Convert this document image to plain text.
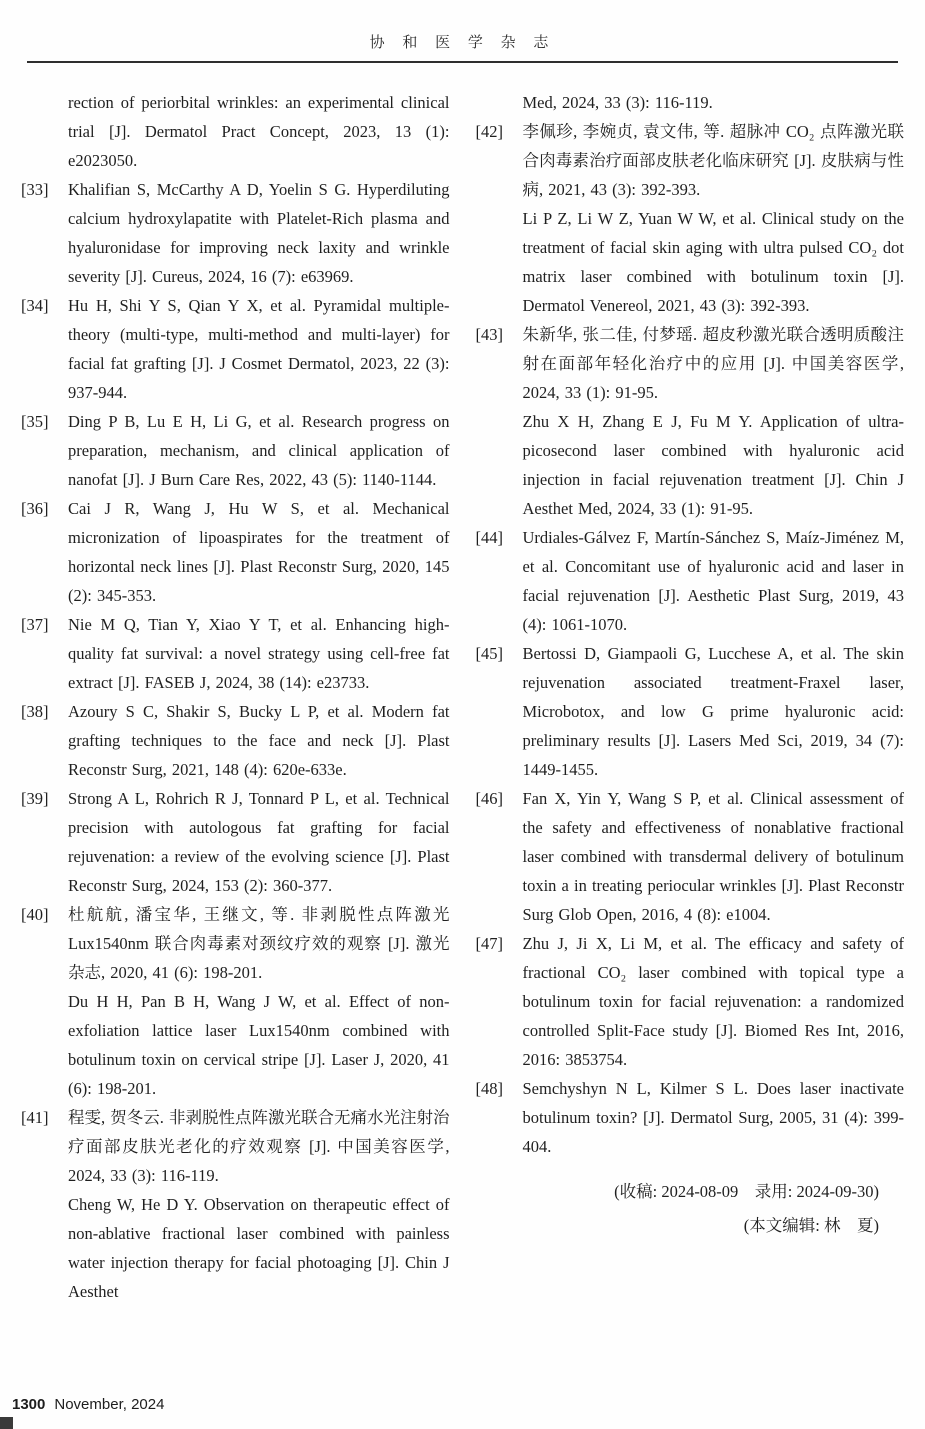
协 和 医 学 杂 志

rection of periorbital wrinkles: an experimental clinical trial [J]. Dermatol Pract Concept, 2023, 13 (1): e2023050.

[33]	Khalifian S, McCarthy A D, Yoelin S G. Hyperdiluting calcium hydroxylapatite with Platelet-Rich plasma and hyaluronidase for improving neck laxity and wrinkle severity [J]. Cureus, 2024, 16 (7): e63969.

[34]	Hu H, Shi Y S, Qian Y X, et al. Pyramidal multiple-theory (multi-type, multi-method and multi-layer) for facial fat grafting [J]. J Cosmet Dermatol, 2023, 22 (3): 937-944.

[35]	Ding P B, Lu E H, Li G, et al. Research progress on preparation, mechanism, and clinical application of nanofat [J]. J Burn Care Res, 2022, 43 (5): 1140-1144.

[36]	Cai J R, Wang J, Hu W S, et al. Mechanical micronization of lipoaspirates for the treatment of horizontal neck lines [J]. Plast Reconstr Surg, 2020, 145 (2): 345-353.

[37]	Nie M Q, Tian Y, Xiao Y T, et al. Enhancing high-quality fat survival: a novel strategy using cell-free fat extract [J]. FASEB J, 2024, 38 (14): e23733.

[38]	Azoury S C, Shakir S, Bucky L P, et al. Modern fat grafting techniques to the face and neck [J]. Plast Reconstr Surg, 2021, 148 (4): 620e-633e.

[39]	Strong A L, Rohrich R J, Tonnard P L, et al. Technical precision with autologous fat grafting for facial rejuvenation: a review of the evolving science [J]. Plast Reconstr Surg, 2024, 153 (2): 360-377.

[40]	杜航航, 潘宝华, 王继文, 等. 非剥脱性点阵激光 Lux1540nm 联合肉毒素对颈纹疗效的观察 [J]. 激光杂志, 2020, 41 (6): 198-201.

Du H H, Pan B H, Wang J W, et al. Effect of non-exfoliation lattice laser Lux1540nm combined with botulinum toxin on cervical stripe [J]. Laser J, 2020, 41 (6): 198-201.

[41]	程雯, 贺冬云. 非剥脱性点阵激光联合无痛水光注射治疗面部皮肤光老化的疗效观察 [J]. 中国美容医学, 2024, 33 (3): 116-119.

Cheng W, He D Y. Observation on therapeutic effect of non-ablative fractional laser combined with painless water injection therapy for facial photoaging [J]. Chin J Aesthet

Med, 2024, 33 (3): 116-119.

[42]	李佩珍, 李婉贞, 袁文伟, 等. 超脉冲 CO₂ 点阵激光联合肉毒素治疗面部皮肤老化临床研究 [J]. 皮肤病与性病, 2021, 43 (3): 392-393.

Li P Z, Li W Z, Yuan W W, et al. Clinical study on the treatment of facial skin aging with ultra pulsed CO₂ dot matrix laser combined with botulinum toxin [J]. Dermatol Venereol, 2021, 43 (3): 392-393.

[43]	朱新华, 张二佳, 付梦瑶. 超皮秒激光联合透明质酸注射在面部年轻化治疗中的应用 [J]. 中国美容医学, 2024, 33 (1): 91-95.

Zhu X H, Zhang E J, Fu M Y. Application of ultra-picosecond laser combined with hyaluronic acid injection in facial rejuvenation treatment [J]. Chin J Aesthet Med, 2024, 33 (1): 91-95.

[44]	Urdiales-Gálvez F, Martín-Sánchez S, Maíz-Jiménez M, et al. Concomitant use of hyaluronic acid and laser in facial rejuvenation [J]. Aesthetic Plast Surg, 2019, 43 (4): 1061-1070.

[45]	Bertossi D, Giampaoli G, Lucchese A, et al. The skin rejuvenation associated treatment-Fraxel laser, Microbotox, and low G prime hyaluronic acid: preliminary results [J]. Lasers Med Sci, 2019, 34 (7): 1449-1455.

[46]	Fan X, Yin Y, Wang S P, et al. Clinical assessment of the safety and effectiveness of nonablative fractional laser combined with transdermal delivery of botulinum toxin a in treating periocular wrinkles [J]. Plast Reconstr Surg Glob Open, 2016, 4 (8): e1004.

[47]	Zhu J, Ji X, Li M, et al. The efficacy and safety of fractional CO₂ laser combined with topical type a botulinum toxin for facial rejuvenation: a randomized controlled Split-Face study [J]. Biomed Res Int, 2016, 2016: 3853754.

[48]	Semchyshyn N L, Kilmer S L. Does laser inactivate botulinum toxin? [J]. Dermatol Surg, 2005, 31 (4): 399-404.

(收稿: 2024-08-09　录用: 2024-09-30)

(本文编辑: 林　夏)

1300 November, 2024
